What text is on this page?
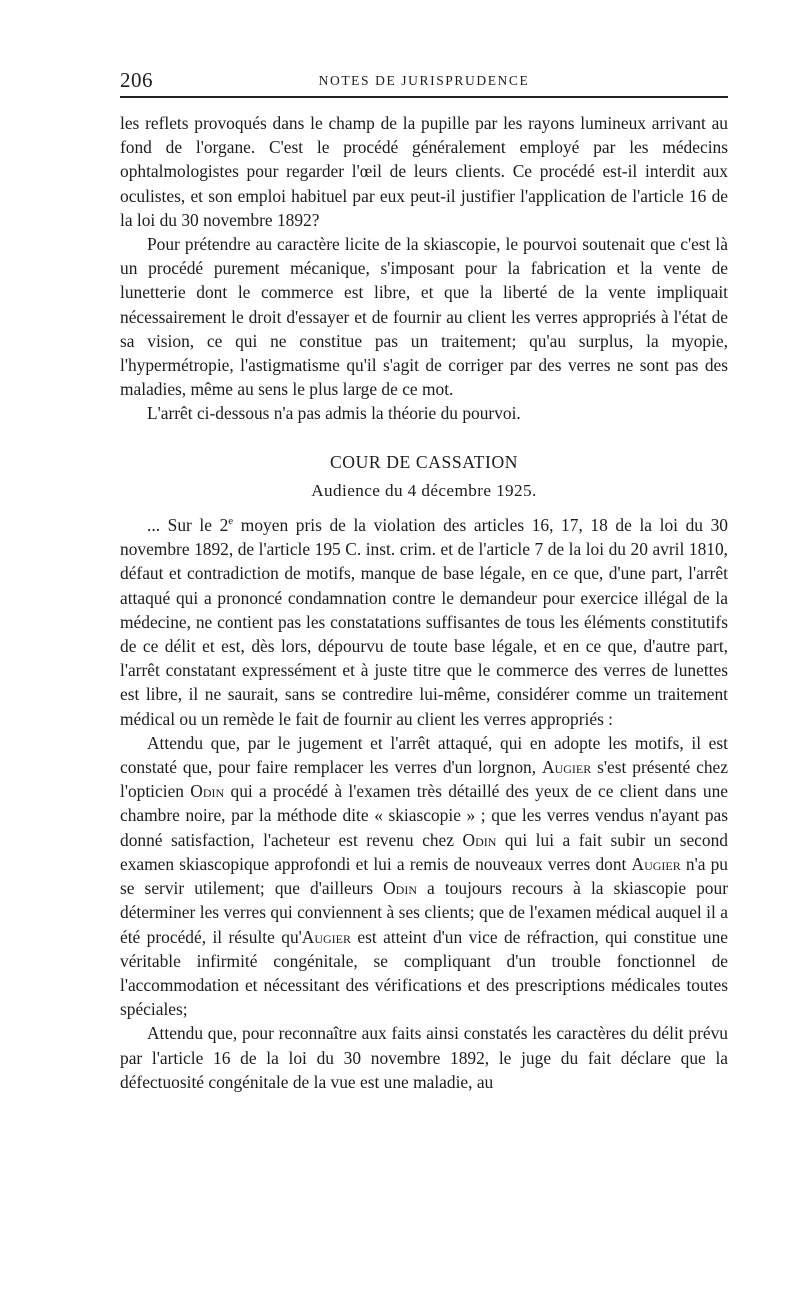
206	NOTES DE JURISPRUDENCE

les reflets provoqués dans le champ de la pupille par les rayons lumineux arrivant au fond de l'organe. C'est le procédé généralement employé par les médecins ophtalmologistes pour regarder l'œil de leurs clients. Ce procédé est-il interdit aux oculistes, et son emploi habituel par eux peut-il justifier l'application de l'article 16 de la loi du 30 novembre 1892?

Pour prétendre au caractère licite de la skiascopie, le pourvoi soutenait que c'est là un procédé purement mécanique, s'imposant pour la fabrication et la vente de lunetterie dont le commerce est libre, et que la liberté de la vente impliquait nécessairement le droit d'essayer et de fournir au client les verres appropriés à l'état de sa vision, ce qui ne constitue pas un traitement; qu'au surplus, la myopie, l'hypermétropie, l'astigmatisme qu'il s'agit de corriger par des verres ne sont pas des maladies, même au sens le plus large de ce mot.

L'arrêt ci-dessous n'a pas admis la théorie du pourvoi.

COUR DE CASSATION
Audience du 4 décembre 1925.

... Sur le 2e moyen pris de la violation des articles 16, 17, 18 de la loi du 30 novembre 1892, de l'article 195 C. inst. crim. et de l'article 7 de la loi du 20 avril 1810, défaut et contradiction de motifs, manque de base légale, en ce que, d'une part, l'arrêt attaqué qui a prononcé condamnation contre le demandeur pour exercice illégal de la médecine, ne contient pas les constatations suffisantes de tous les éléments constitutifs de ce délit et est, dès lors, dépourvu de toute base légale, et en ce que, d'autre part, l'arrêt constatant expressément et à juste titre que le commerce des verres de lunettes est libre, il ne saurait, sans se contredire lui-même, considérer comme un traitement médical ou un remède le fait de fournir au client les verres appropriés :

Attendu que, par le jugement et l'arrêt attaqué, qui en adopte les motifs, il est constaté que, pour faire remplacer les verres d'un lorgnon, Augier s'est présenté chez l'opticien Odin qui a procédé à l'examen très détaillé des yeux de ce client dans une chambre noire, par la méthode dite « skiascopie » ; que les verres vendus n'ayant pas donné satisfaction, l'acheteur est revenu chez Odin qui lui a fait subir un second examen skiascopique approfondi et lui a remis de nouveaux verres dont Augier n'a pu se servir utilement; que d'ailleurs Odin a toujours recours à la skiascopie pour déterminer les verres qui conviennent à ses clients; que de l'examen médical auquel il a été procédé, il résulte qu'Augier est atteint d'un vice de réfraction, qui constitue une véritable infirmité congénitale, se compliquant d'un trouble fonctionnel de l'accommodation et nécessitant des vérifications et des prescriptions médicales toutes spéciales;

Attendu que, pour reconnaître aux faits ainsi constatés les caractères du délit prévu par l'article 16 de la loi du 30 novembre 1892, le juge du fait déclare que la défectuosité congénitale de la vue est une maladie, au
